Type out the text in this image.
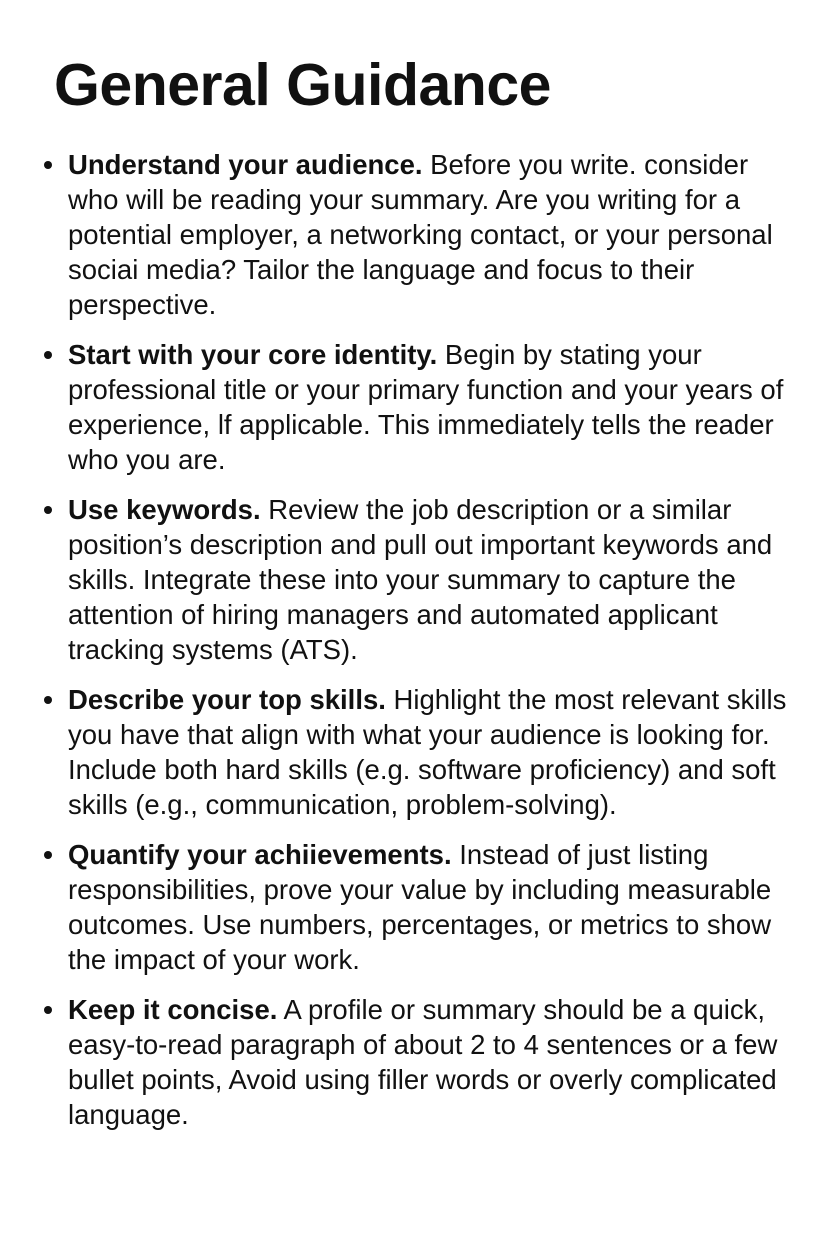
General Guidance
Understand your audience. Before you write. consider who will be reading your summary. Are you writing for a potential employer, a networking contact, or your personal sociai media? Tailor the language and focus to their perspective.
Start with your core identity. Begin by stating your professional title or your primary function and your years of experience, lf applicable. This immediately tells the reader who you are.
Use keywords. Review the job description or a similar position’s description and pull out important keywords and skills. Integrate these into your summary to capture the attention of hiring managers and automated applicant tracking systems (ATS).
Describe your top skills. Highlight the most relevant skills you have that align with what your audience is looking for. Include both hard skills (e.g. software proficiency) and soft skills (e.g., communication, problem-solving).
Quantify your achiievements. Instead of just listing responsibilities, prove your value by including measurable outcomes. Use numbers, percentages, or metrics to show the impact of your work.
Keep it concise. A profile or summary should be a quick, easy-to-read paragraph of about 2 to 4 sentences or a few bullet points, Avoid using filler words or overly complicated language.
